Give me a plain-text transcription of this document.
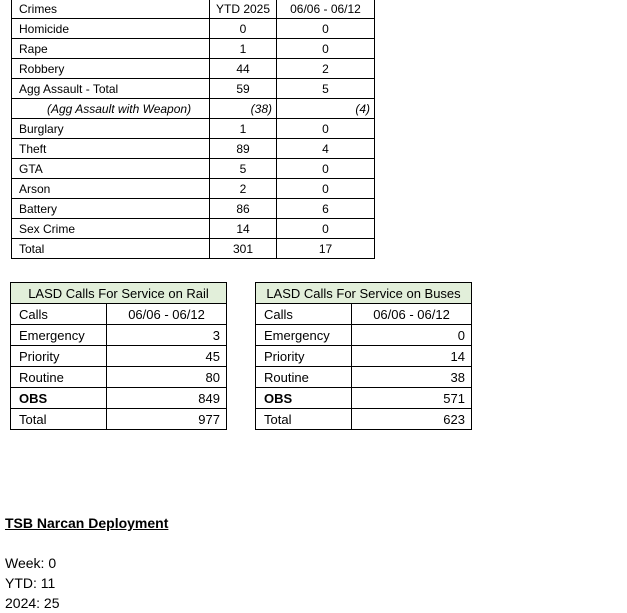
Crimes	YTD 2025	06/06 - 06/12
Homicide	0	0
Rape	1	0
Robbery	44	2
Agg Assault - Total	59	5
(Agg Assault with Weapon)	(38)	(4)
Burglary	1	0
Theft	89	4
GTA	5	0
Arson	2	0
Battery	86	6
Sex Crime	14	0
Total	301	17
LASD Calls For Service on Rail	
Calls	06/06 - 06/12
Emergency	3
Priority	45
Routine	80
OBS	849
Total	977
LASD Calls For Service on Buses	
Calls	06/06 - 06/12
Emergency	0
Priority	14
Routine	38
OBS	571
Total	623
TSB Narcan Deployment

Week: 0
YTD: 11
2024: 25
